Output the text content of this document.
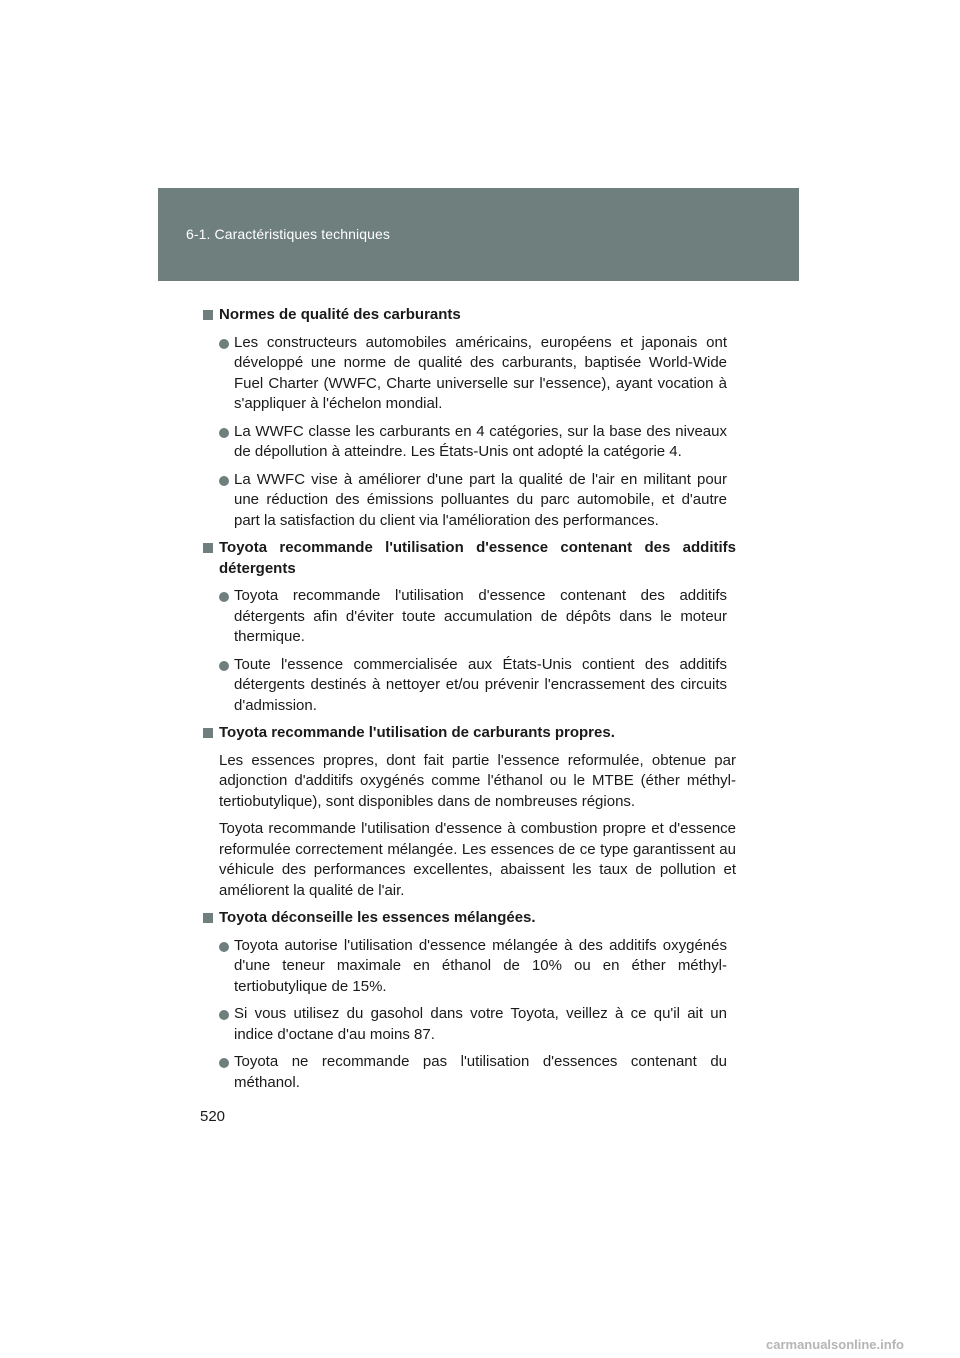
6-1. Caractéristiques techniques
Normes de qualité des carburants
Les constructeurs automobiles américains, européens et japonais ont développé une norme de qualité des carburants, baptisée World-Wide Fuel Charter (WWFC, Charte universelle sur l'essence), ayant vocation à s'appliquer à l'échelon mondial.
La WWFC classe les carburants en 4 catégories, sur la base des niveaux de dépollution à atteindre. Les États-Unis ont adopté la catégorie 4.
La WWFC vise à améliorer d'une part la qualité de l'air en militant pour une réduction des émissions polluantes du parc automobile, et d'autre part la satisfaction du client via l'amélioration des performances.
Toyota recommande l'utilisation d'essence contenant des additifs détergents
Toyota recommande l'utilisation d'essence contenant des additifs détergents afin d'éviter toute accumulation de dépôts dans le moteur thermique.
Toute l'essence commercialisée aux États-Unis contient des additifs détergents destinés à nettoyer et/ou prévenir l'encrassement des circuits d'admission.
Toyota recommande l'utilisation de carburants propres.
Les essences propres, dont fait partie l'essence reformulée, obtenue par adjonction d'additifs oxygénés comme l'éthanol ou le MTBE (éther méthyl-tertiobutylique), sont disponibles dans de nombreuses régions.
Toyota recommande l'utilisation d'essence à combustion propre et d'essence reformulée correctement mélangée. Les essences de ce type garantissent au véhicule des performances excellentes, abaissent les taux de pollution et améliorent la qualité de l'air.
Toyota déconseille les essences mélangées.
Toyota autorise l'utilisation d'essence mélangée à des additifs oxygénés d'une teneur maximale en éthanol de 10% ou en éther méthyl-tertiobutylique de 15%.
Si vous utilisez du gasohol dans votre Toyota, veillez à ce qu'il ait un indice d'octane d'au moins 87.
Toyota ne recommande pas l'utilisation d'essences contenant du méthanol.
520
carmanualsonline.info
